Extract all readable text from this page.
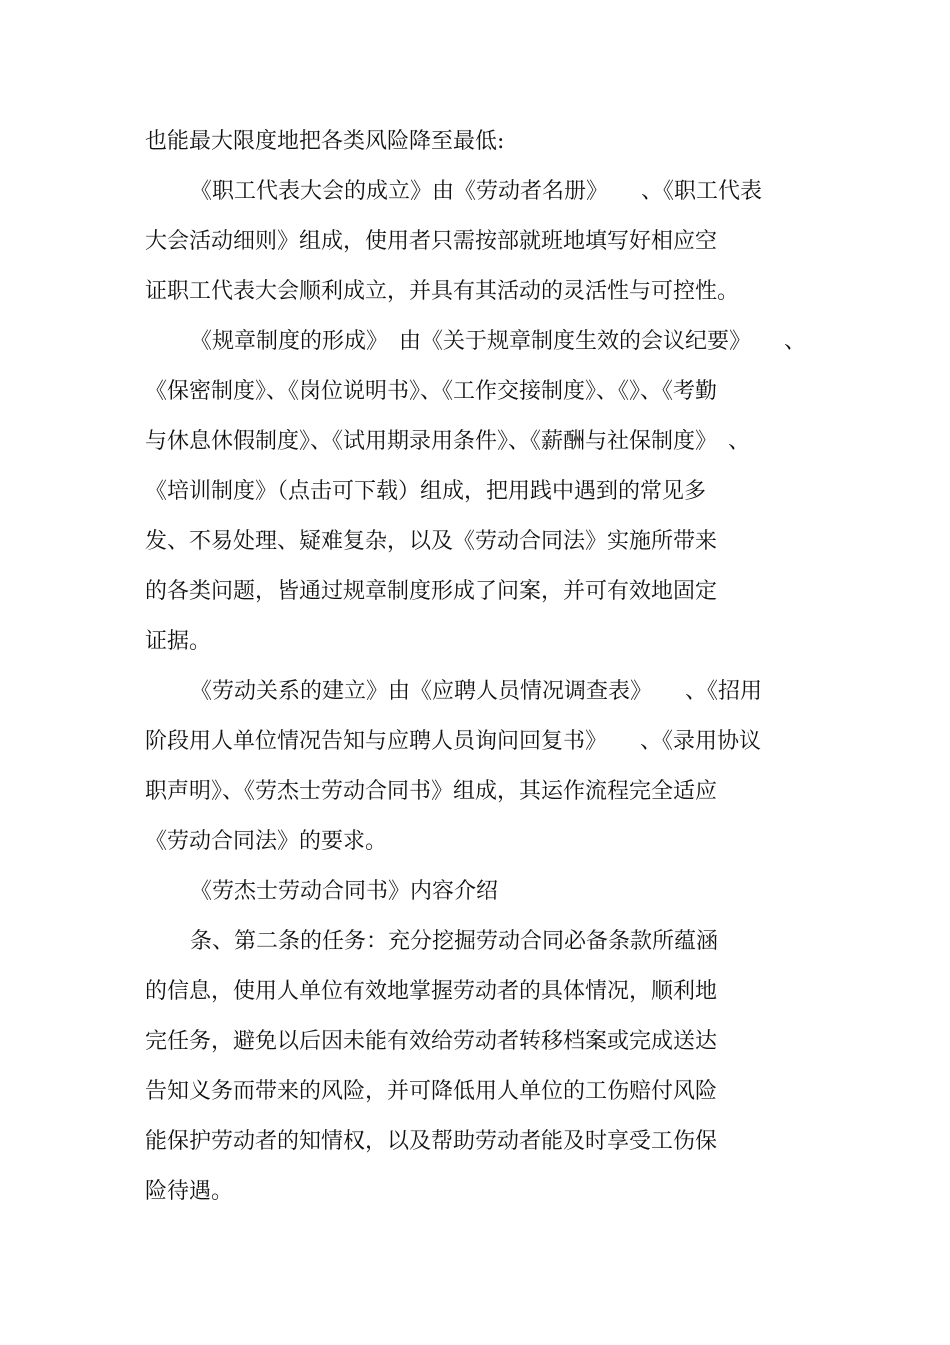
也能最大限度地把各类风险降至最低:
《职工代表大会的成立》由《劳动者名册》　　、《职工代表
大会活动细则》组成，使用者只需按部就班地填写好相应空
证职工代表大会顺利成立，并具有其活动的灵活性与可控性。
《规章制度的形成》　由《关于规章制度生效的会议纪要》　　、
《保密制度》、《岗位说明书》、《工作交接制度》、《》、《考勤
与休息休假制度》、《试用期录用条件》、《薪酬与社保制度》　、
《培训制度》（点击可下载）组成，把用践中遇到的常见多
发、不易处理、疑难复杂，以及《劳动合同法》实施所带来
的各类问题，皆通过规章制度形成了问案，并可有效地固定
证据。
《劳动关系的建立》由《应聘人员情况调查表》　　、《招用
阶段用人单位情况告知与应聘人员询问回复书》　　、《录用协议
职声明》、《劳杰士劳动合同书》组成，其运作流程完全适应
《劳动合同法》的要求。
《劳杰士劳动合同书》内容介绍
条、第二条的任务：充分挖掘劳动合同必备条款所蕴涵
的信息，使用人单位有效地掌握劳动者的具体情况，顺利地
完任务，避免以后因未能有效给劳动者转移档案或完成送达
告知义务而带来的风险，并可降低用人单位的工伤赔付风险
能保护劳动者的知情权，以及帮助劳动者能及时享受工伤保
险待遇。
